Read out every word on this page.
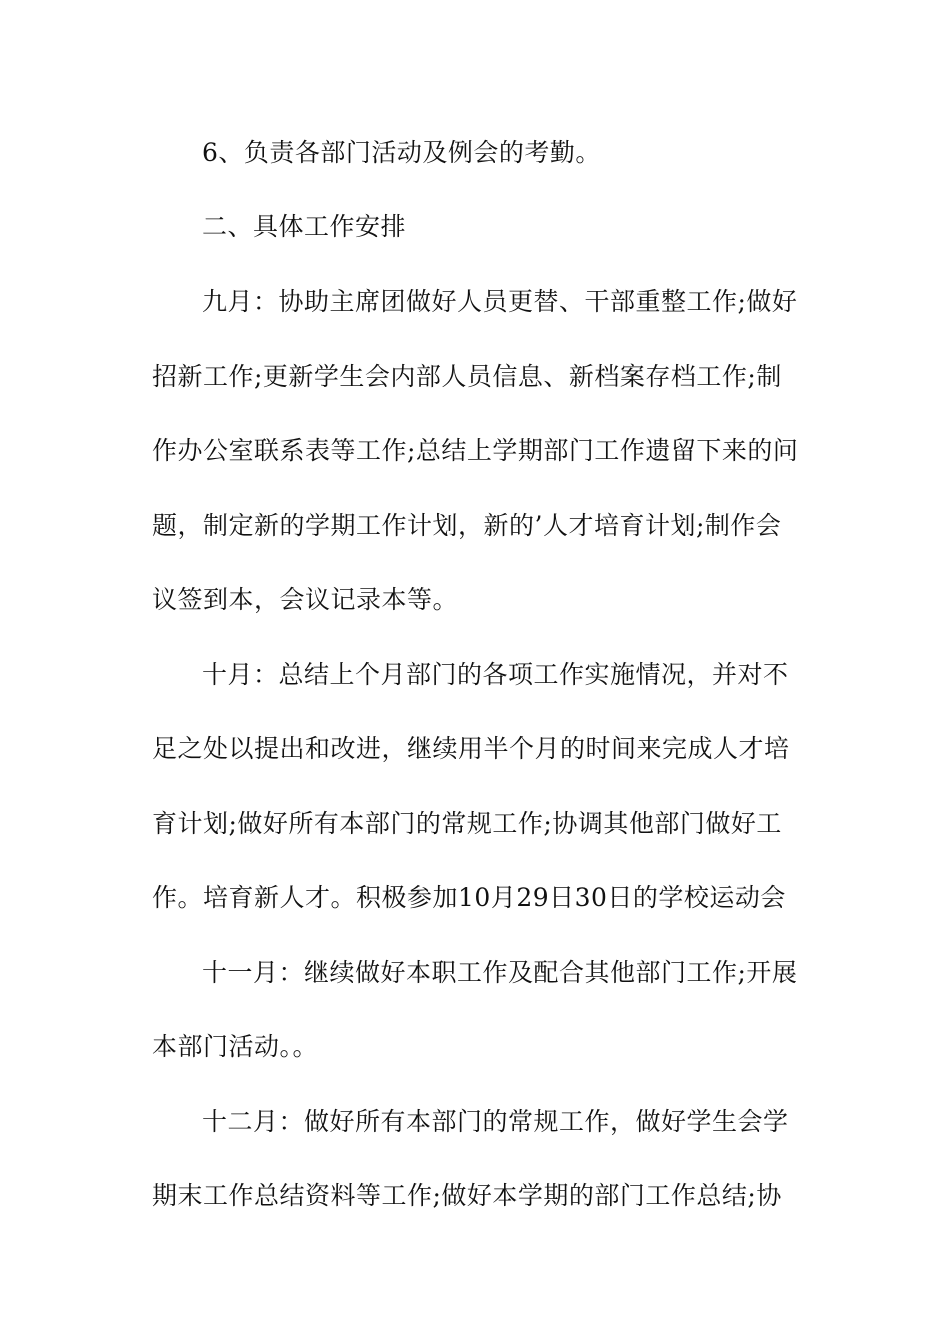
6、负责各部门活动及例会的考勤。
二、具体工作安排
九月：协助主席团做好人员更替、干部重整工作;做好
招新工作;更新学生会内部人员信息、新档案存档工作;制
作办公室联系表等工作;总结上学期部门工作遗留下来的问
题，制定新的学期工作计划，新的’人才培育计划;制作会
议签到本，会议记录本等。
十月：总结上个月部门的各项工作实施情况，并对不
足之处以提出和改进，继续用半个月的时间来完成人才培
育计划;做好所有本部门的常规工作;协调其他部门做好工
作。培育新人才。积极参加10月29日30日的学校运动会
十一月：继续做好本职工作及配合其他部门工作;开展
本部门活动。。
十二月：做好所有本部门的常规工作，做好学生会学
期末工作总结资料等工作;做好本学期的部门工作总结;协
